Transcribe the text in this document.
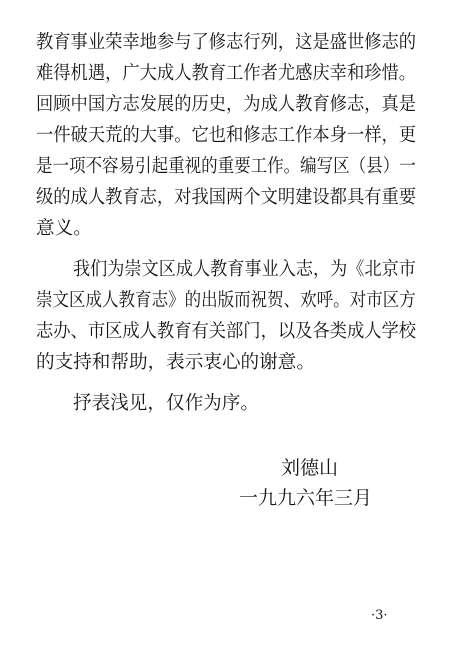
教育事业荣幸地参与了修志行列，这是盛世修志的
难得机遇，广大成人教育工作者尤感庆幸和珍惜。
回顾中国方志发展的历史，为成人教育修志，真是
一件破天荒的大事。它也和修志工作本身一样，更
是一项不容易引起重视的重要工作。编写区（县）一
级的成人教育志，对我国两个文明建设都具有重要
意义。
我们为崇文区成人教育事业入志，为《北京市
崇文区成人教育志》的出版而祝贺、欢呼。对市区方
志办、市区成人教育有关部门，以及各类成人学校
的支持和帮助，表示衷心的谢意。
抒表浅见，仅作为序。
刘德山
一九九六年三月
·3·
